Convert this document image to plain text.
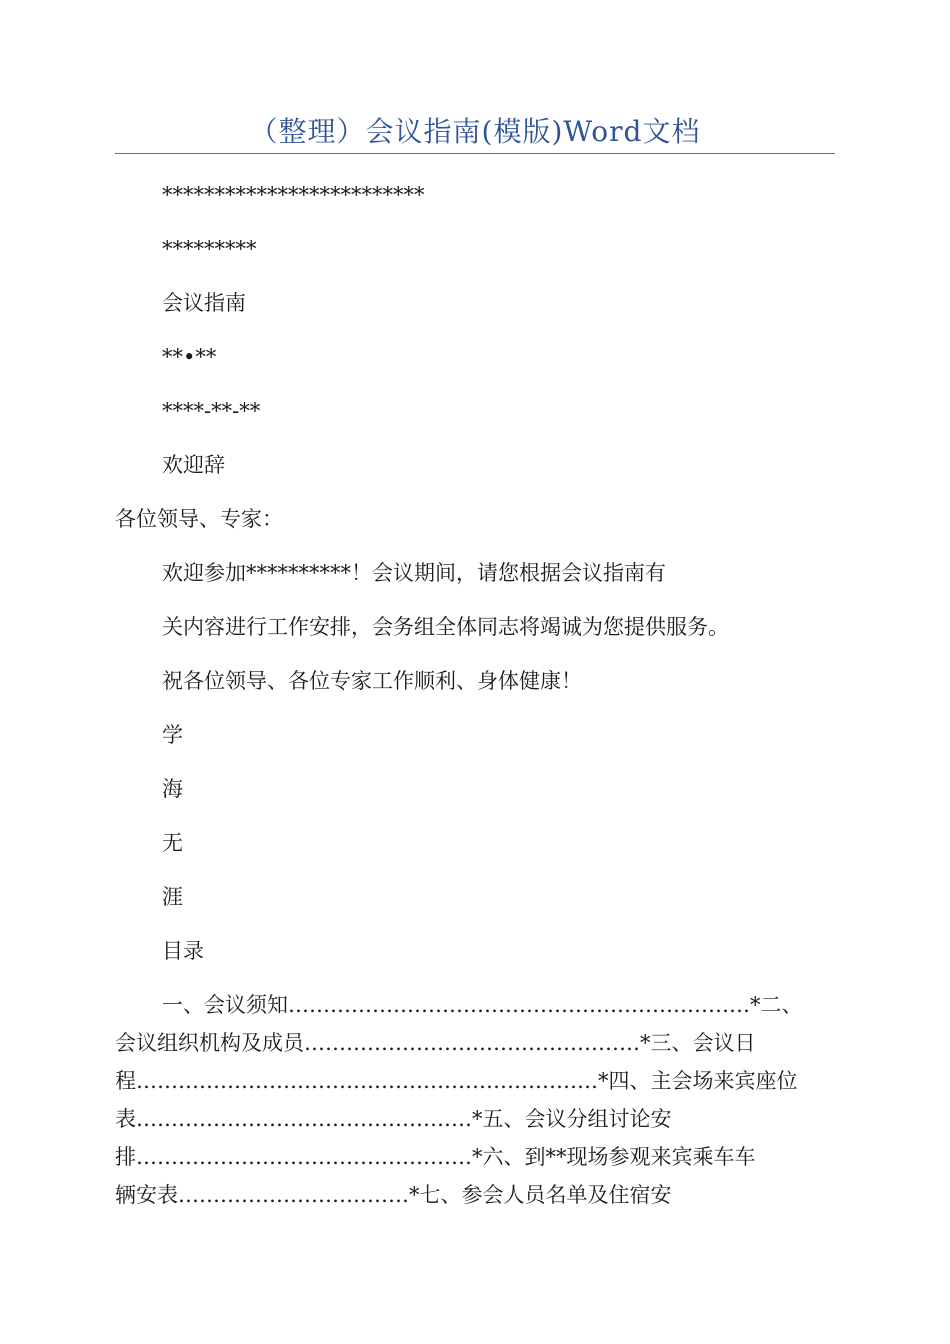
（整理）会议指南(模版)Word文档
*************************
*********
会议指南
**•**
****-**-**
欢迎辞
各位领导、专家：
欢迎参加**********！会议期间，请您根据会议指南有
关内容进行工作安排，会务组全体同志将竭诚为您提供服务。
祝各位领导、各位专家工作顺利、身体健康！
学
海
无
涯
目录
一、会议须知…………………………………………………………*二、
会议组织机构及成员…………………………………………*三、会议日
程…………………………………………………………*四、主会场来宾座位
表…………………………………………*五、会议分组讨论安
排…………………………………………*六、到**现场参观来宾乘车车
辆安表……………………………*七、参会人员名单及住宿安
